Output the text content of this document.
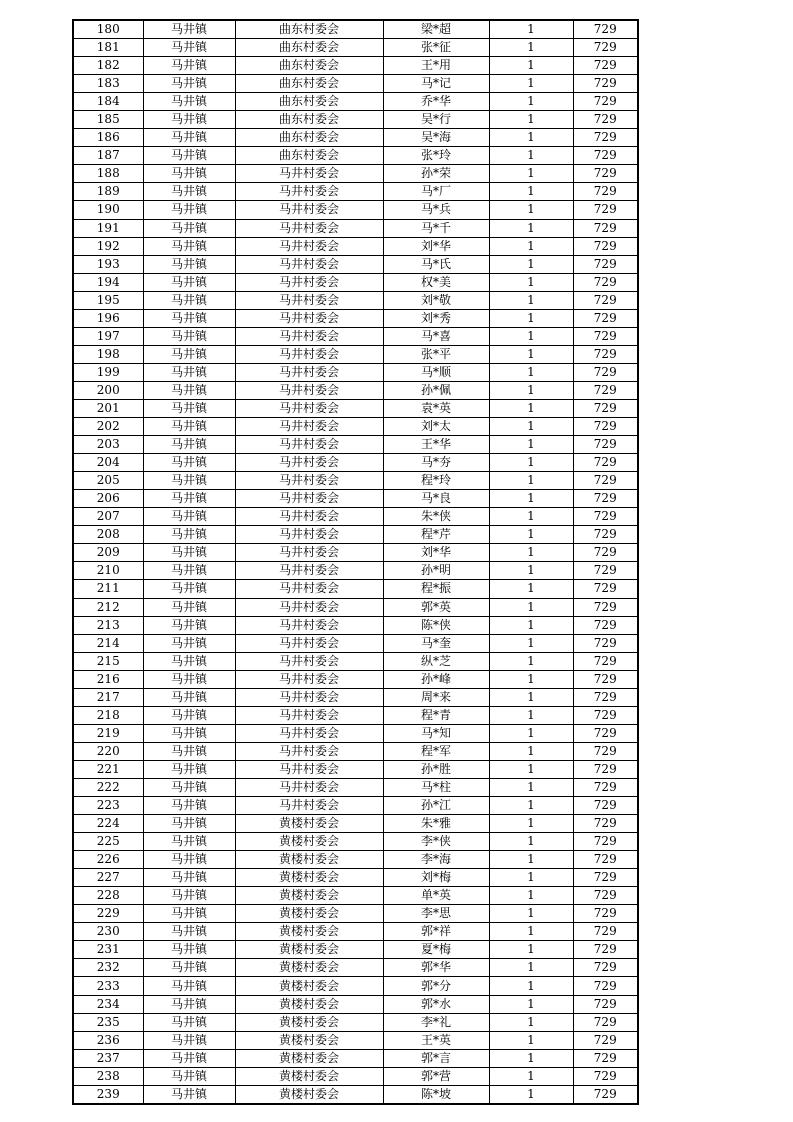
180	马井镇	曲东村委会	梁*超	1	729
181	马井镇	曲东村委会	张*征	1	729
182	马井镇	曲东村委会	王*用	1	729
183	马井镇	曲东村委会	马*记	1	729
184	马井镇	曲东村委会	乔*华	1	729
185	马井镇	曲东村委会	吴*行	1	729
186	马井镇	曲东村委会	吴*海	1	729
187	马井镇	曲东村委会	张*玲	1	729
188	马井镇	马井村委会	孙*荣	1	729
189	马井镇	马井村委会	马*厂	1	729
190	马井镇	马井村委会	马*兵	1	729
191	马井镇	马井村委会	马*千	1	729
192	马井镇	马井村委会	刘*华	1	729
193	马井镇	马井村委会	马*氏	1	729
194	马井镇	马井村委会	权*美	1	729
195	马井镇	马井村委会	刘*敬	1	729
196	马井镇	马井村委会	刘*秀	1	729
197	马井镇	马井村委会	马*喜	1	729
198	马井镇	马井村委会	张*平	1	729
199	马井镇	马井村委会	马*顺	1	729
200	马井镇	马井村委会	孙*佩	1	729
201	马井镇	马井村委会	袁*英	1	729
202	马井镇	马井村委会	刘*太	1	729
203	马井镇	马井村委会	王*华	1	729
204	马井镇	马井村委会	马*夯	1	729
205	马井镇	马井村委会	程*玲	1	729
206	马井镇	马井村委会	马*良	1	729
207	马井镇	马井村委会	朱*侠	1	729
208	马井镇	马井村委会	程*芹	1	729
209	马井镇	马井村委会	刘*华	1	729
210	马井镇	马井村委会	孙*明	1	729
211	马井镇	马井村委会	程*振	1	729
212	马井镇	马井村委会	郭*英	1	729
213	马井镇	马井村委会	陈*侠	1	729
214	马井镇	马井村委会	马*奎	1	729
215	马井镇	马井村委会	纵*芝	1	729
216	马井镇	马井村委会	孙*峰	1	729
217	马井镇	马井村委会	周*来	1	729
218	马井镇	马井村委会	程*青	1	729
219	马井镇	马井村委会	马*知	1	729
220	马井镇	马井村委会	程*军	1	729
221	马井镇	马井村委会	孙*胜	1	729
222	马井镇	马井村委会	马*柱	1	729
223	马井镇	马井村委会	孙*江	1	729
224	马井镇	黄楼村委会	朱*雅	1	729
225	马井镇	黄楼村委会	李*侠	1	729
226	马井镇	黄楼村委会	李*海	1	729
227	马井镇	黄楼村委会	刘*梅	1	729
228	马井镇	黄楼村委会	单*英	1	729
229	马井镇	黄楼村委会	李*思	1	729
230	马井镇	黄楼村委会	郭*祥	1	729
231	马井镇	黄楼村委会	夏*梅	1	729
232	马井镇	黄楼村委会	郭*华	1	729
233	马井镇	黄楼村委会	郭*分	1	729
234	马井镇	黄楼村委会	郭*水	1	729
235	马井镇	黄楼村委会	李*礼	1	729
236	马井镇	黄楼村委会	王*英	1	729
237	马井镇	黄楼村委会	郭*言	1	729
238	马井镇	黄楼村委会	郭*营	1	729
239	马井镇	黄楼村委会	陈*坡	1	729
